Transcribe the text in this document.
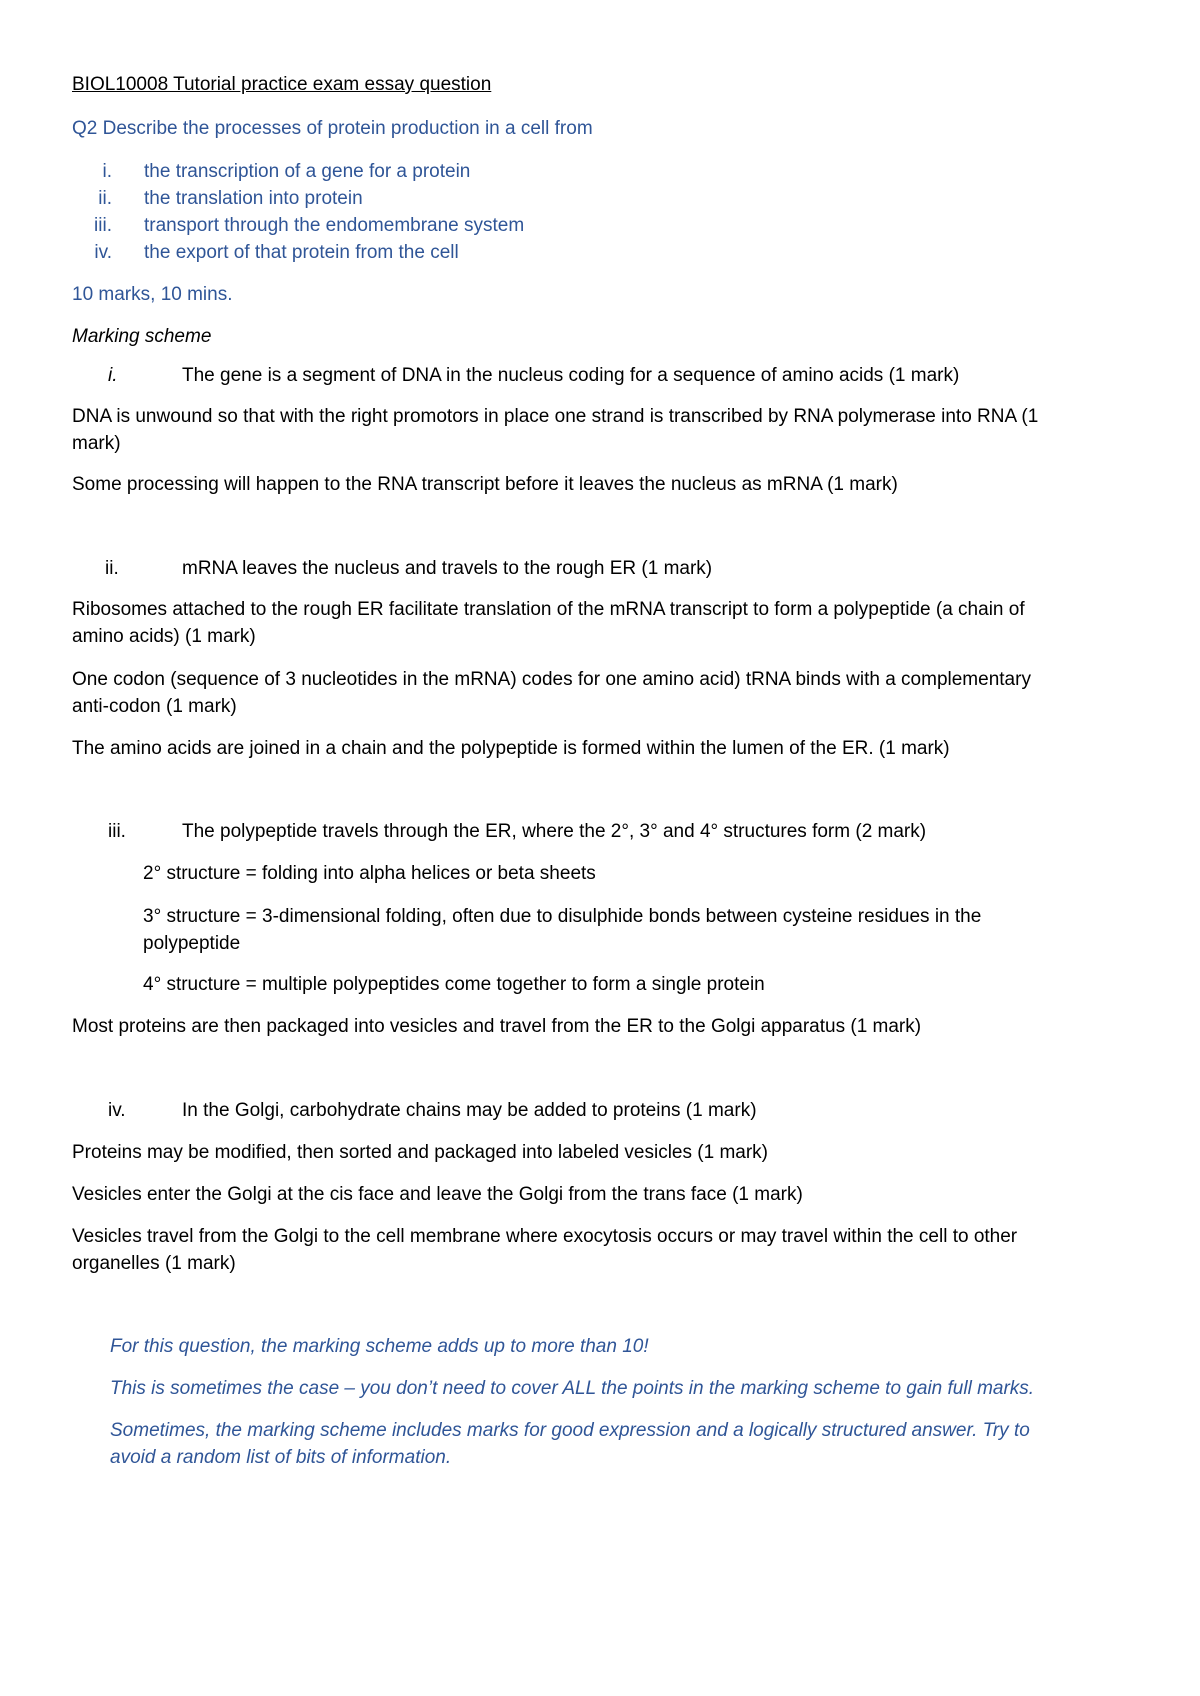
BIOL10008 Tutorial practice exam essay question

Q2 Describe the processes of protein production in a cell from

i. the transcription of a gene for a protein
ii. the translation into protein
iii. transport through the endomembrane system
iv. the export of that protein from the cell

10 marks, 10 mins.

Marking scheme

i.	The gene is a segment of DNA in the nucleus coding for a sequence of amino acids (1 mark)

DNA is unwound so that with the right promotors in place one strand is transcribed by RNA polymerase into RNA (1

mark)

Some processing will happen to the RNA transcript before it leaves the nucleus as mRNA (1 mark)

ii.	mRNA leaves the nucleus and travels to the rough ER (1 mark)

Ribosomes attached to the rough ER facilitate translation of the mRNA transcript to form a polypeptide (a chain of

amino acids) (1 mark)

One codon (sequence of 3 nucleotides in the mRNA) codes for one amino acid) tRNA binds with a complementary

anti-codon (1 mark)

The amino acids are joined in a chain and the polypeptide is formed within the lumen of the ER. (1 mark)

iii.	The polypeptide travels through the ER, where the 2°, 3° and 4° structures form (2 mark)

2° structure = folding into alpha helices or beta sheets

3° structure = 3-dimensional folding, often due to disulphide bonds between cysteine residues in the

polypeptide

4° structure = multiple polypeptides come together to form a single protein

Most proteins are then packaged into vesicles and travel from the ER to the Golgi apparatus (1 mark)

iv.	In the Golgi, carbohydrate chains may be added to proteins (1 mark)

Proteins may be modified, then sorted and packaged into labeled vesicles (1 mark)

Vesicles enter the Golgi at the cis face and leave the Golgi from the trans face (1 mark)

Vesicles travel from the Golgi to the cell membrane where exocytosis occurs or may travel within the cell to other

organelles (1 mark)

For this question, the marking scheme adds up to more than 10!

This is sometimes the case – you don’t need to cover ALL the points in the marking scheme to gain full marks.

Sometimes, the marking scheme includes marks for good expression and a logically structured answer. Try to

avoid a random list of bits of information.
